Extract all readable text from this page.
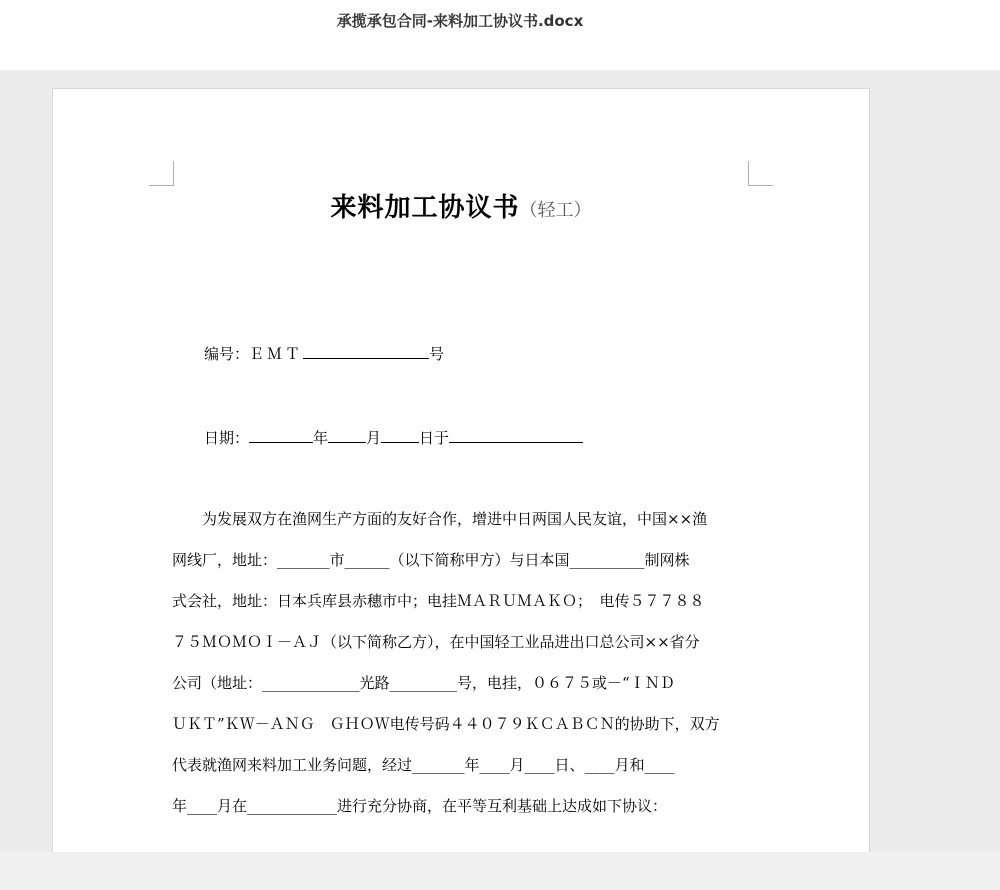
承揽承包合同-来料加工协议书.docx
来料加工协议书（轻工）
编号：ＥＭＴ	号
日期：	年	月	日于
　　为发展双方在渔网生产方面的友好合作，增进中日两国人民友谊，中国××渔
网线厂，地址：_______市______（以下简称甲方）与日本国__________制网株
式会社，地址：日本兵库县赤穗市中；电挂ＭＡＲＵＭＡＫＯ；　电传５７７８８
７５ＭＯＭＯＩ－ＡＪ（以下简称乙方），在中国轻工业品进出口总公司××省分
公司（地址：_____________光路_________号，电挂，０６７５或－“ＩＮＤ
ＵＫＴ”ＫＷ－ＡＮＧ　ＧＨＯＷ电传号码４４０７９ＫＣＡＢＣＮ的协助下，双方
代表就渔网来料加工业务问题，经过_______年____月____日、____月和____
年____月在____________进行充分协商，在平等互利基础上达成如下协议：
